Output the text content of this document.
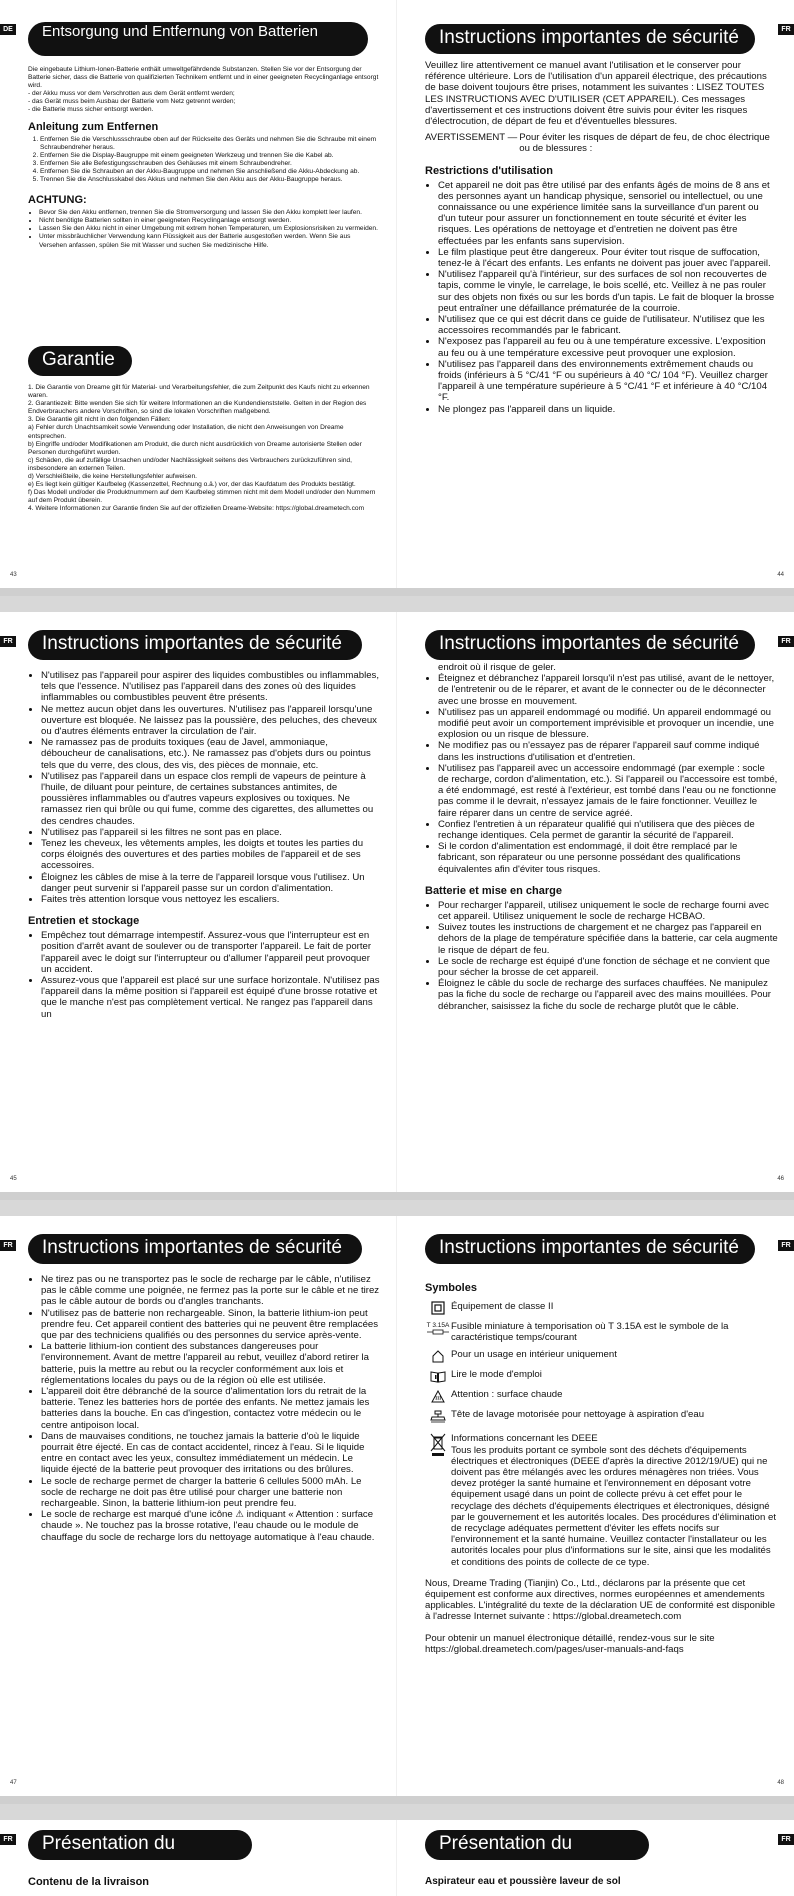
DE	Entsorgung und Entfernung von Batterien

Die eingebaute Lithium-Ionen-Batterie enthält umweltgefährdende Substanzen. Stellen Sie vor der Entsorgung der Batterie sicher, dass die Batterie von qualifizierten Technikern entfernt und in einer geeigneten Recyclinganlage entsorgt wird.

- der Akku muss vor dem Verschrotten aus dem Gerät entfernt werden;

- das Gerät muss beim Ausbau der Batterie vom Netz getrennt werden;

- die Batterie muss sicher entsorgt werden.

Anleitung zum Entfernen
1. Entfernen Sie die Verschlussschraube oben auf der Rückseite des Geräts und nehmen Sie die Schraube mit einem Schraubendreher heraus.
2. Entfernen Sie die Display-Baugruppe mit einem geeigneten Werkzeug und trennen Sie die Kabel ab.
3. Entfernen Sie alle Befestigungsschrauben des Gehäuses mit einem Schraubendreher.
4. Entfernen Sie die Schrauben an der Akku-Baugruppe und nehmen Sie anschließend die Akku-Abdeckung ab.
5. Trennen Sie die Anschlusskabel des Akkus und nehmen Sie den Akku aus der Akku-Baugruppe heraus.
ACHTUNG:
• Bevor Sie den Akku entfernen, trennen Sie die Stromversorgung und lassen Sie den Akku komplett leer laufen.
• Nicht benötigte Batterien sollten in einer geeigneten Recyclinganlage entsorgt werden.
• Lassen Sie den Akku nicht in einer Umgebung mit extrem hohen Temperaturen, um Explosionsrisiken zu vermeiden.
• Unter missbräuchlicher Verwendung kann Flüssigkeit aus der Batterie ausgestoßen werden. Wenn Sie aus Versehen anfassen, spülen Sie mit Wasser und suchen Sie medizinische Hilfe.
Garantie

1. Die Garantie von Dreame gilt für Material- und Verarbeitungsfehler, die zum Zeitpunkt des Kaufs nicht zu erkennen waren.

2. Garantiezeit: Bitte wenden Sie sich für weitere Informationen an die Kundendienststelle. Gelten in der Region des Endverbrauchers andere Vorschriften, so sind die lokalen Vorschriften maßgebend.

3. Die Garantie gilt nicht in den folgenden Fällen:

a) Fehler durch Unachtsamkeit sowie Verwendung oder Installation, die nicht den Anweisungen von Dreame entsprechen.

b) Eingriffe und/oder Modifikationen am Produkt, die durch nicht ausdrücklich von Dreame autorisierte Stellen oder Personen durchgeführt wurden.

c) Schäden, die auf zufällige Ursachen und/oder Nachlässigkeit seitens des Verbrauchers zurückzuführen sind, insbesondere an externen Teilen.

d) Verschleißteile, die keine Herstellungsfehler aufweisen.

e) Es liegt kein gültiger Kaufbeleg (Kassenzettel, Rechnung o.ä.) vor, der das Kaufdatum des Produkts bestätigt.

f) Das Modell und/oder die Produktnummern auf dem Kaufbeleg stimmen nicht mit dem Modell und/oder den Nummern auf dem Produkt überein.

4. Weitere Informationen zur Garantie finden Sie auf der offiziellen Dreame-Website: https://global.dreametech.com

43
FR
Instructions importantes de sécurité

Veuillez lire attentivement ce manuel avant l'utilisation et le conserver pour référence ultérieure. Lors de l'utilisation d'un appareil électrique, des précautions de base doivent toujours être prises, notamment les suivantes : LISEZ TOUTES LES INSTRUCTIONS AVEC D'UTILISER (CET APPAREIL). Ces messages d'avertissement et ces instructions doivent être suivis pour éviter les risques d'électrocution, de départ de feu et d'éventuelles blessures.

AVERTISSEMENT — Pour éviter les risques de départ de feu, de choc électrique ou de blessures :
Restrictions d'utilisation
• Cet appareil ne doit pas être utilisé par des enfants âgés de moins de 8 ans et des personnes ayant un handicap physique, sensoriel ou intellectuel, ou une connaissance ou une expérience limitée sans la surveillance d'un parent ou d'un tuteur pour assurer un fonctionnement en toute sécurité et éviter les risques. Les opérations de nettoyage et d'entretien ne doivent pas être effectuées par les enfants sans supervision.
• Le film plastique peut être dangereux. Pour éviter tout risque de suffocation, tenez-le à l'écart des enfants. Les enfants ne doivent pas jouer avec l'appareil.
• N'utilisez l'appareil qu'à l'intérieur, sur des surfaces de sol non recouvertes de tapis, comme le vinyle, le carrelage, le bois scellé, etc. Veillez à ne pas rouler sur des objets non fixés ou sur les bords d'un tapis. Le fait de bloquer la brosse peut entraîner une défaillance prématurée de la courroie.
• N'utilisez que ce qui est décrit dans ce guide de l'utilisateur. N'utilisez que les accessoires recommandés par le fabricant.
• N'exposez pas l'appareil au feu ou à une température excessive. L'exposition au feu ou à une température excessive peut provoquer une explosion.
• N'utilisez pas l'appareil dans des environnements extrêmement chauds ou froids (inférieurs à 5 °C/41 °F ou supérieurs à 40 °C/ 104 °F). Veuillez charger l'appareil à une température supérieure à 5 °C/41 °F et inférieure à 40 °C/104 °F.
• Ne plongez pas l'appareil dans un liquide.
44
FR	Instructions importantes de sécurité
• N'utilisez pas l'appareil pour aspirer des liquides combustibles ou inflammables, tels que l'essence. N'utilisez pas l'appareil dans des zones où des liquides inflammables ou combustibles peuvent être présents.
• Ne mettez aucun objet dans les ouvertures. N'utilisez pas l'appareil lorsqu'une ouverture est bloquée. Ne laissez pas la poussière, des peluches, des cheveux ou d'autres éléments entraver la circulation de l'air.
• Ne ramassez pas de produits toxiques (eau de Javel, ammoniaque, déboucheur de canalisations, etc.). Ne ramassez pas d'objets durs ou pointus tels que du verre, des clous, des vis, des pièces de monnaie, etc.
• N'utilisez pas l'appareil dans un espace clos rempli de vapeurs de peinture à l'huile, de diluant pour peinture, de certaines substances antimites, de poussières inflammables ou d'autres vapeurs explosives ou toxiques. Ne ramassez rien qui brûle ou qui fume, comme des cigarettes, des allumettes ou des cendres chaudes.
• N'utilisez pas l'appareil si les filtres ne sont pas en place.
• Tenez les cheveux, les vêtements amples, les doigts et toutes les parties du corps éloignés des ouvertures et des parties mobiles de l'appareil et de ses accessoires.
• Éloignez les câbles de mise à la terre de l'appareil lorsque vous l'utilisez. Un danger peut survenir si l'appareil passe sur un cordon d'alimentation.
• Faites très attention lorsque vous nettoyez les escaliers.
Entretien et stockage
• Empêchez tout démarrage intempestif. Assurez-vous que l'interrupteur est en position d'arrêt avant de soulever ou de transporter l'appareil. Le fait de porter l'appareil avec le doigt sur l'interrupteur ou d'allumer l'appareil peut provoquer un accident.
• Assurez-vous que l'appareil est placé sur une surface horizontale. N'utilisez pas l'appareil dans la même position si l'appareil est équipé d'une brosse rotative et que le manche n'est pas complètement vertical. Ne rangez pas l'appareil dans un
45
FR
Instructions importantes de sécurité

endroit où il risque de geler.

• Éteignez et débranchez l'appareil lorsqu'il n'est pas utilisé, avant de le nettoyer, de l'entretenir ou de le réparer, et avant de le connecter ou de le déconnecter avec une brosse en mouvement.
• N'utilisez pas un appareil endommagé ou modifié. Un appareil endommagé ou modifié peut avoir un comportement imprévisible et provoquer un incendie, une explosion ou un risque de blessure.
• Ne modifiez pas ou n'essayez pas de réparer l'appareil sauf comme indiqué dans les instructions d'utilisation et d'entretien.
• N'utilisez pas l'appareil avec un accessoire endommagé (par exemple : socle de recharge, cordon d'alimentation, etc.). Si l'appareil ou l'accessoire est tombé, a été endommagé, est resté à l'extérieur, est tombé dans l'eau ou ne fonctionne pas comme il le devrait, n'essayez jamais de le faire fonctionner. Veuillez le faire réparer dans un centre de service agréé.
• Confiez l'entretien à un réparateur qualifié qui n'utilisera que des pièces de rechange identiques. Cela permet de garantir la sécurité de l'appareil.
• Si le cordon d'alimentation est endommagé, il doit être remplacé par le fabricant, son réparateur ou une personne possédant des qualifications équivalentes afin d'éviter tous risques.
Batterie et mise en charge
• Pour recharger l'appareil, utilisez uniquement le socle de recharge fourni avec cet appareil. Utilisez uniquement le socle de recharge HCBAO.
• Suivez toutes les instructions de chargement et ne chargez pas l'appareil en dehors de la plage de température spécifiée dans la batterie, car cela augmente le risque de départ de feu.
• Le socle de recharge est équipé d'une fonction de séchage et ne convient que pour sécher la brosse de cet appareil.
• Éloignez le câble du socle de recharge des surfaces chauffées. Ne manipulez pas la fiche du socle de recharge ou l'appareil avec des mains mouillées. Pour débrancher, saisissez la fiche du socle de recharge plutôt que le câble.
46
FR	Instructions importantes de sécurité
• Ne tirez pas ou ne transportez pas le socle de recharge par le câble, n'utilisez pas le câble comme une poignée, ne fermez pas la porte sur le câble et ne tirez pas le câble autour de bords ou d'angles tranchants.
• N'utilisez pas de batterie non rechargeable. Sinon, la batterie lithium-ion peut prendre feu. Cet appareil contient des batteries qui ne peuvent être remplacées que par des techniciens qualifiés ou des personnes du service après-vente.
• La batterie lithium-ion contient des substances dangereuses pour l'environnement. Avant de mettre l'appareil au rebut, veuillez d'abord retirer la batterie, puis la mettre au rebut ou la recycler conformément aux lois et réglementations locales du pays ou de la région où elle est utilisée.
• L'appareil doit être débranché de la source d'alimentation lors du retrait de la batterie. Tenez les batteries hors de portée des enfants. Ne mettez jamais les batteries dans la bouche. En cas d'ingestion, contactez votre médecin ou le centre antipoison local.
• Dans de mauvaises conditions, ne touchez jamais la batterie d'où le liquide pourrait être éjecté. En cas de contact accidentel, rincez à l'eau. Si le liquide entre en contact avec les yeux, consultez immédiatement un médecin. Le liquide éjecté de la batterie peut provoquer des irritations ou des brûlures.
• Le socle de recharge permet de charger la batterie 6 cellules 5000 mAh. Le socle de recharge ne doit pas être utilisé pour charger une batterie non rechargeable. Sinon, la batterie lithium-ion peut prendre feu.
• Le socle de recharge est marqué d'une icône ⚠ indiquant « Attention : surface chaude ». Ne touchez pas la brosse rotative, l'eau chaude ou le module de chauffage du socle de recharge lors du nettoyage automatique à l'eau chaude.
47
FR
Instructions importantes de sécurité
Symboles
Équipement de classe II
T 3.15A Fusible miniature à temporisation où T 3.15A est le symbole de la caractéristique temps/courant
Pour un usage en intérieur uniquement
Lire le mode d'emploi
Attention : surface chaude
Tête de lavage motorisée pour nettoyage à aspiration d'eau
Informations concernant les DEEE
Tous les produits portant ce symbole sont des déchets d'équipements électriques et électroniques (DEEE d'après la directive 2012/19/UE) qui ne doivent pas être mélangés avec les ordures ménagères non triées. Vous devez protéger la santé humaine et l'environnement en déposant votre équipement usagé dans un point de collecte prévu à cet effet pour le recyclage des déchets d'équipements électriques et électroniques, désigné par le gouvernement et les autorités locales. Des procédures d'élimination et de recyclage adéquates permettent d'éviter les effets nocifs sur l'environnement et la santé humaine. Veuillez contacter l'installateur ou les autorités locales pour plus d'informations sur le site, ainsi que les modalités et conditions des points de collecte de ce type.

Nous, Dreame Trading (Tianjin) Co., Ltd., déclarons par la présente que cet équipement est conforme aux directives, normes européennes et amendements applicables. L'intégralité du texte de la déclaration UE de conformité est disponible à l'adresse Internet suivante : https://global.dreametech.com

Pour obtenir un manuel électronique détaillé, rendez-vous sur le site https://global.dreametech.com/pages/user-manuals-and-faqs

48
FR	Présentation du produit
Contenu de la livraison
FR
Présentation du produit
Aspirateur eau et poussière laveur de sol
